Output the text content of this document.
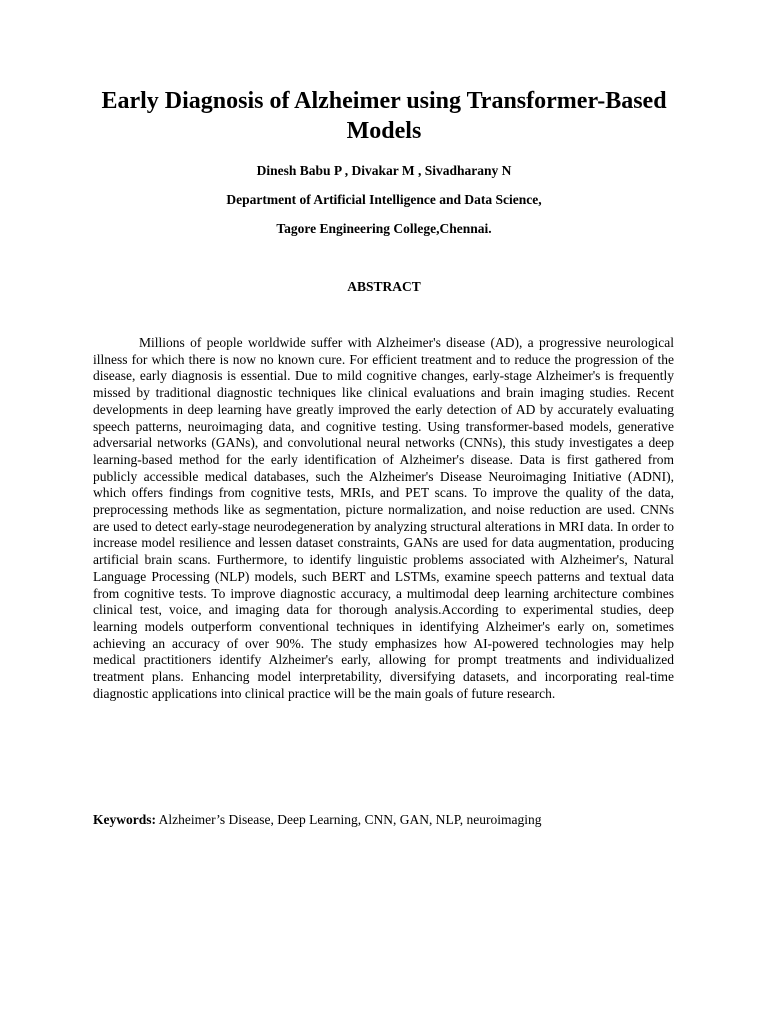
Early Diagnosis of Alzheimer using Transformer-Based Models

Dinesh Babu P , Divakar M , Sivadharany N

Department of Artificial Intelligence and Data Science,

Tagore Engineering College,Chennai.

ABSTRACT

Millions of people worldwide suffer with Alzheimer's disease (AD), a progressive neurological illness for which there is now no known cure. For efficient treatment and to reduce the progression of the disease, early diagnosis is essential. Due to mild cognitive changes, early-stage Alzheimer's is frequently missed by traditional diagnostic techniques like clinical evaluations and brain imaging studies. Recent developments in deep learning have greatly improved the early detection of AD by accurately evaluating speech patterns, neuroimaging data, and cognitive testing. Using transformer-based models, generative adversarial networks (GANs), and convolutional neural networks (CNNs), this study investigates a deep learning-based method for the early identification of Alzheimer's disease. Data is first gathered from publicly accessible medical databases, such the Alzheimer's Disease Neuroimaging Initiative (ADNI), which offers findings from cognitive tests, MRIs, and PET scans. To improve the quality of the data, preprocessing methods like as segmentation, picture normalization, and noise reduction are used. CNNs are used to detect early-stage neurodegeneration by analyzing structural alterations in MRI data. In order to increase model resilience and lessen dataset constraints, GANs are used for data augmentation, producing artificial brain scans. Furthermore, to identify linguistic problems associated with Alzheimer's, Natural Language Processing (NLP) models, such BERT and LSTMs, examine speech patterns and textual data from cognitive tests. To improve diagnostic accuracy, a multimodal deep learning architecture combines clinical test, voice, and imaging data for thorough analysis.According to experimental studies, deep learning models outperform conventional techniques in identifying Alzheimer's early on, sometimes achieving an accuracy of over 90%. The study emphasizes how AI-powered technologies may help medical practitioners identify Alzheimer's early, allowing for prompt treatments and individualized treatment plans. Enhancing model interpretability, diversifying datasets, and incorporating real-time diagnostic applications into clinical practice will be the main goals of future research.

Keywords: Alzheimer’s Disease, Deep Learning, CNN, GAN, NLP, neuroimaging
